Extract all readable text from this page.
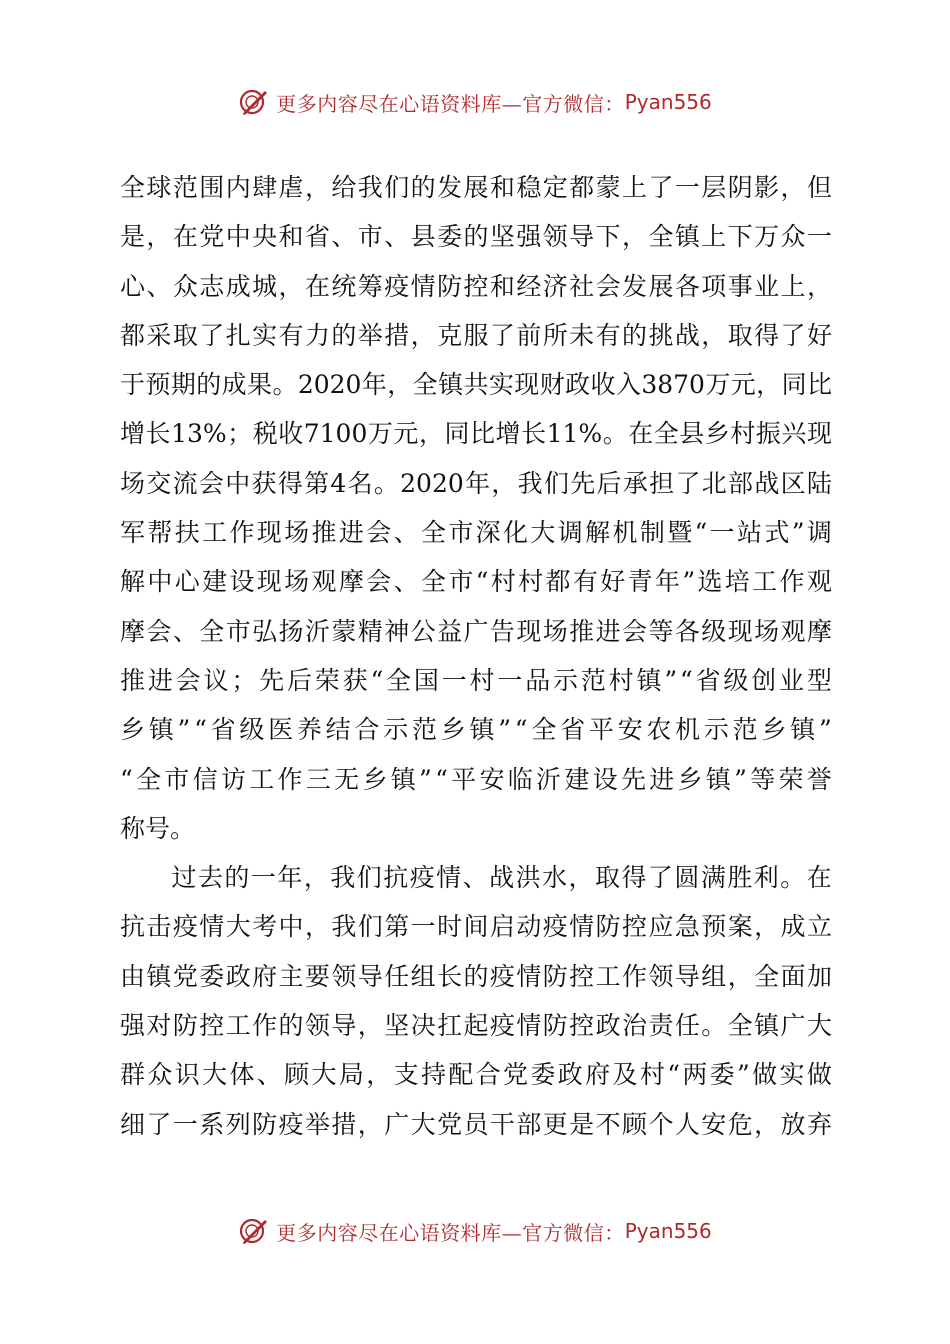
更多内容尽在心语资料库—官方微信： Pyan556
全 球 范 围 内 肆 虐 ， 给 我 们 的 发 展 和 稳 定 都 蒙 上 了 一 层 阴 影 ， 但
是 ， 在 党 中 央 和 省 、 市 、 县 委 的 坚 强 领 导 下 ， 全 镇 上 下 万 众 一
心 、 众 志 成 城 ， 在 统 筹 疫 情 防 控 和 经 济 社 会 发 展 各 项 事 业 上 ，
都 采 取 了 扎 实 有 力 的 举 措 ， 克 服 了 前 所 未 有 的 挑 战 ， 取 得 了 好
于 预 期 的 成 果 。 2020 年 ， 全 镇 共 实 现 财 政 收 入 3870 万 元 ， 同 比
增 长 13% ； 税 收 7100 万 元 ， 同 比 增 长 11% 。 在 全 县 乡 村 振 兴 现
场 交 流 会 中 获 得 第 4 名 。 2020 年 ， 我 们 先 后 承 担 了 北 部 战 区 陆
军 帮 扶 工 作 现 场 推 进 会 、 全 市 深 化 大 调 解 机 制 暨 “ 一 站 式 ” 调
解 中 心 建 设 现 场 观 摩 会 、 全 市 “ 村 村 都 有 好 青 年 ” 选 培 工 作 观
摩 会 、 全 市 弘 扬 沂 蒙 精 神 公 益 广 告 现 场 推 进 会 等 各 级 现 场 观 摩
推 进 会 议 ； 先 后 荣 获 “ 全 国 一 村 一 品 示 范 村 镇 ” “ 省 级 创 业 型
乡 镇 ” “ 省 级 医 养 结 合 示 范 乡 镇 ” “ 全 省 平 安 农 机 示 范 乡 镇 ”
“ 全 市 信 访 工 作 三 无 乡 镇 ” “ 平 安 临 沂 建 设 先 进 乡 镇 ” 等 荣 誉
称号。

过 去 的 一 年 ， 我 们 抗 疫 情 、 战 洪 水 ， 取 得 了 圆 满 胜 利 。 在
抗 击 疫 情 大 考 中 ， 我 们 第 一 时 间 启 动 疫 情 防 控 应 急 预 案 ， 成 立
由 镇 党 委 政 府 主 要 领 导 任 组 长 的 疫 情 防 控 工 作 领 导 组 ， 全 面 加
强 对 防 控 工 作 的 领 导 ， 坚 决 扛 起 疫 情 防 控 政 治 责 任 。 全 镇 广 大
群 众 识 大 体 、 顾 大 局 ， 支 持 配 合 党 委 政 府 及 村 “ 两 委 ” 做 实 做
细 了 一 系 列 防 疫 举 措 ， 广 大 党 员 干 部 更 是 不 顾 个 人 安 危 ， 放 弃
更多内容尽在心语资料库—官方微信： Pyan556
